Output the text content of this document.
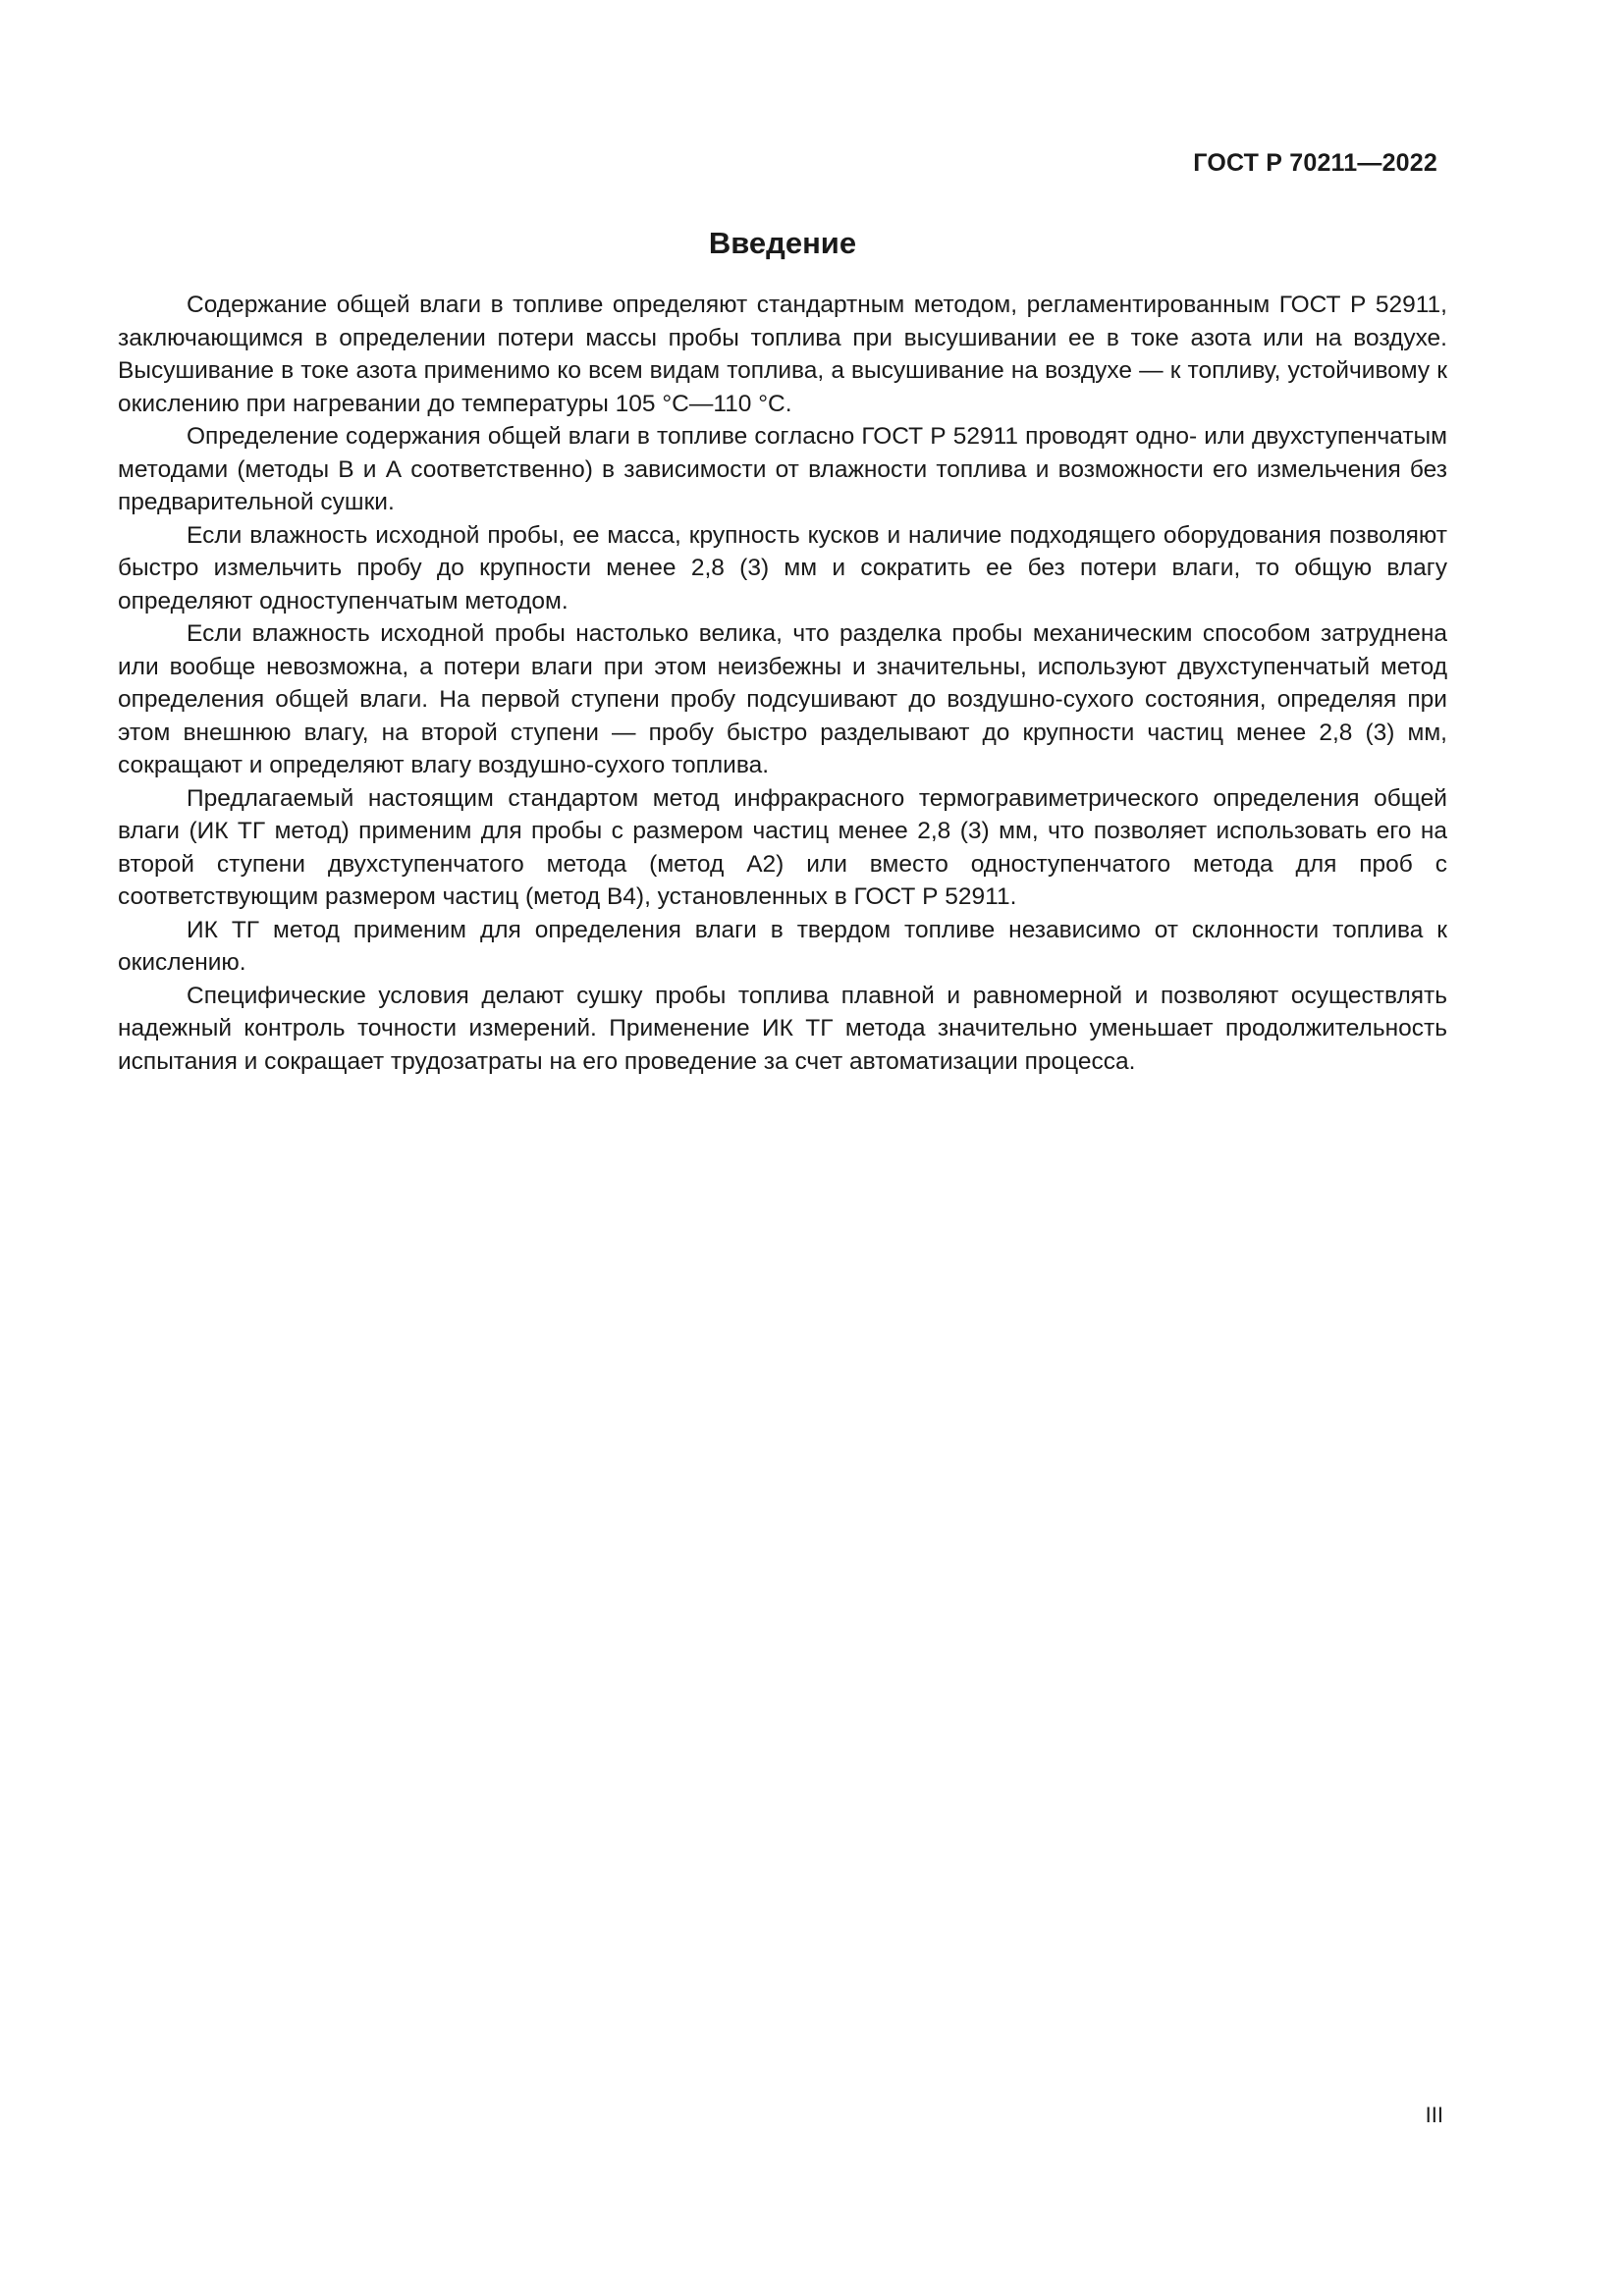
ГОСТ Р 70211—2022
Введение

Содержание общей влаги в топливе определяют стандартным методом, регламентированным ГОСТ Р 52911, заключающимся в определении потери массы пробы топлива при высушивании ее в токе азота или на воздухе. Высушивание в токе азота применимо ко всем видам топлива, а высушивание на воздухе — к топливу, устойчивому к окислению при нагревании до температуры 105 °С—110 °С.

Определение содержания общей влаги в топливе согласно ГОСТ Р 52911 проводят одно- или двухступенчатым методами (методы В и А соответственно) в зависимости от влажности топлива и возможности его измельчения без предварительной сушки.

Если влажность исходной пробы, ее масса, крупность кусков и наличие подходящего оборудования позволяют быстро измельчить пробу до крупности менее 2,8 (3) мм и сократить ее без потери влаги, то общую влагу определяют одноступенчатым методом.

Если влажность исходной пробы настолько велика, что разделка пробы механическим способом затруднена или вообще невозможна, а потери влаги при этом неизбежны и значительны, используют двухступенчатый метод определения общей влаги. На первой ступени пробу подсушивают до воздушно-сухого состояния, определяя при этом внешнюю влагу, на второй ступени — пробу быстро разделывают до крупности частиц менее 2,8 (3) мм, сокращают и определяют влагу воздушно-сухого топлива.

Предлагаемый настоящим стандартом метод инфракрасного термогравиметрического определения общей влаги (ИК ТГ метод) применим для пробы с размером частиц менее 2,8 (3) мм, что позволяет использовать его на второй ступени двухступенчатого метода (метод А2) или вместо одноступенчатого метода для проб с соответствующим размером частиц (метод В4), установленных в ГОСТ Р 52911.

ИК ТГ метод применим для определения влаги в твердом топливе независимо от склонности топлива к окислению.

Специфические условия делают сушку пробы топлива плавной и равномерной и позволяют осуществлять надежный контроль точности измерений. Применение ИК ТГ метода значительно уменьшает продолжительность испытания и сокращает трудозатраты на его проведение за счет автоматизации процесса.

III
